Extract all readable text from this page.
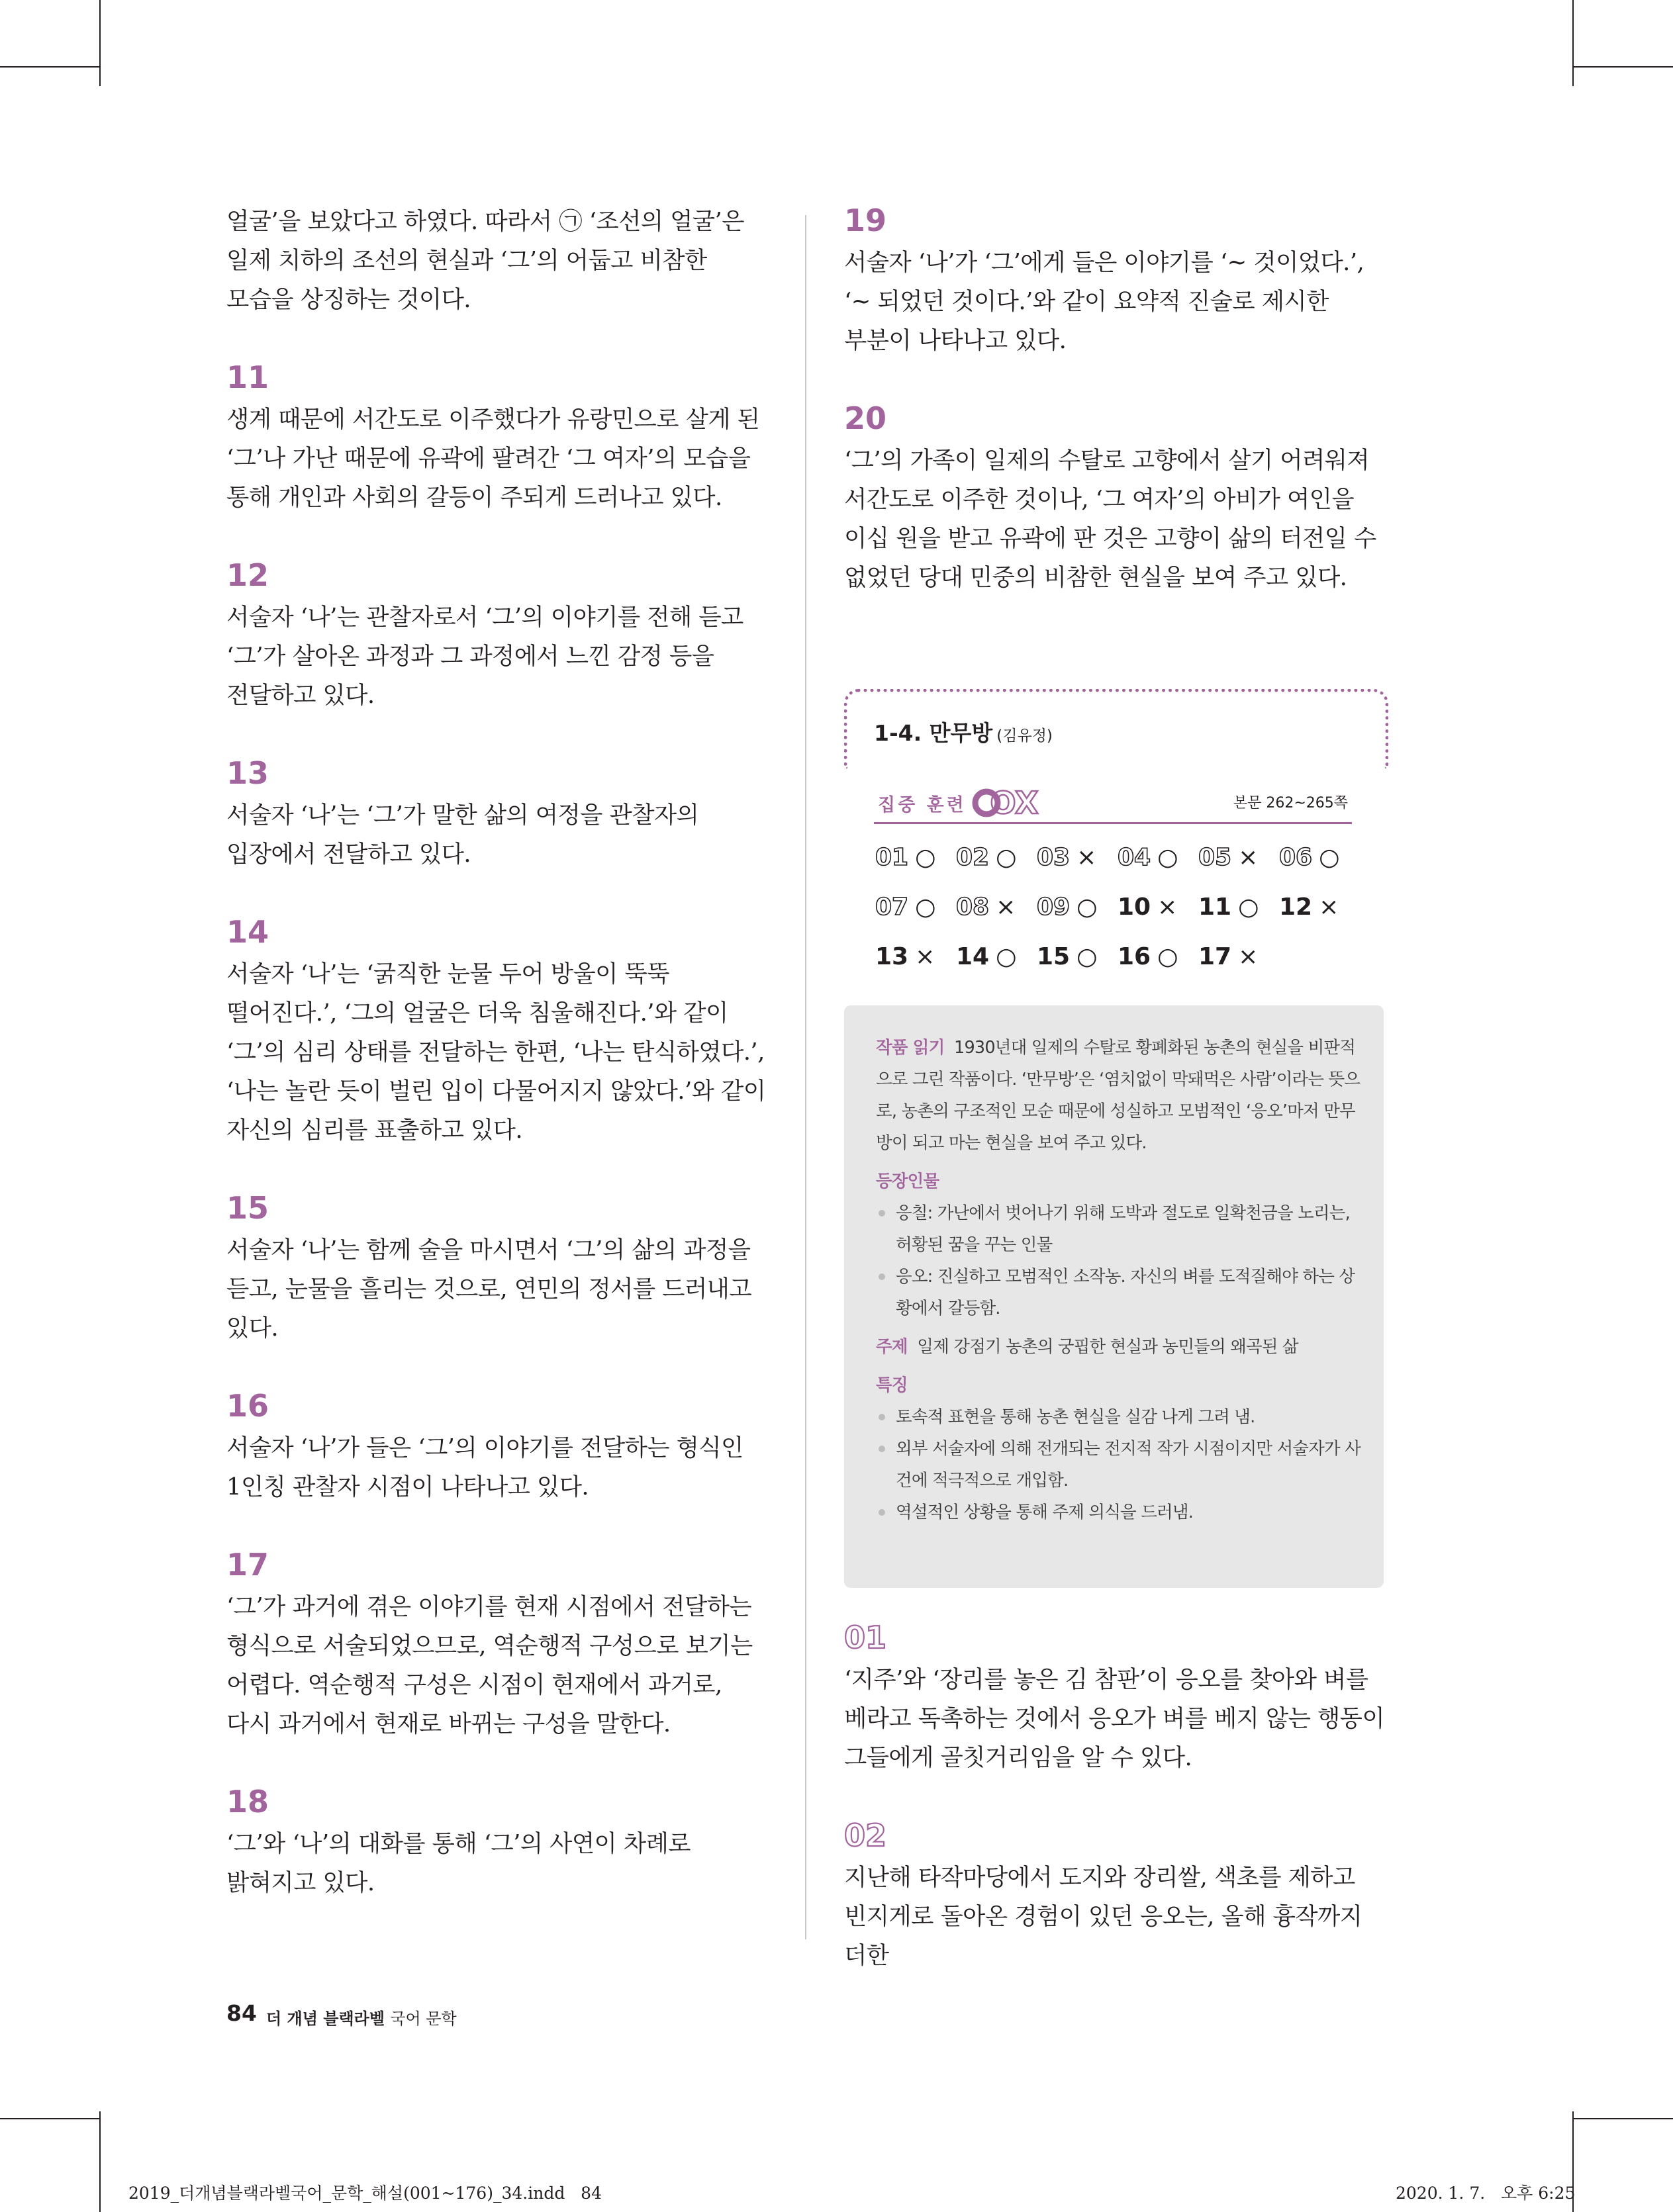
얼굴’을 보았다고 하였다. 따라서 ㉠ ‘조선의 얼굴’은 일제 치하의 조선의 현실과 ‘그’의 어둡고 비참한 모습을 상징하는 것이다.

11

생계 때문에 서간도로 이주했다가 유랑민으로 살게 된 ‘그’나 가난 때문에 유곽에 팔려간 ‘그 여자’의 모습을 통해 개인과 사회의 갈등이 주되게 드러나고 있다.

12

서술자 ‘나’는 관찰자로서 ‘그’의 이야기를 전해 듣고 ‘그’가 살아온 과정과 그 과정에서 느낀 감정 등을 전달하고 있다.

13

서술자 ‘나’는 ‘그’가 말한 삶의 여정을 관찰자의 입장에서 전달하고 있다.

14

서술자 ‘나’는 ‘굵직한 눈물 두어 방울이 뚝뚝 떨어진다.’, ‘그의 얼굴은 더욱 침울해진다.’와 같이 ‘그’의 심리 상태를 전달하는 한편, ‘나는 탄식하였다.’, ‘나는 놀란 듯이 벌린 입이 다물어지지 않았다.’와 같이 자신의 심리를 표출하고 있다.

15

서술자 ‘나’는 함께 술을 마시면서 ‘그’의 삶의 과정을 듣고, 눈물을 흘리는 것으로, 연민의 정서를 드러내고 있다.

16

서술자 ‘나’가 들은 ‘그’의 이야기를 전달하는 형식인 1인칭 관찰자 시점이 나타나고 있다.

17

‘그’가 과거에 겪은 이야기를 현재 시점에서 전달하는 형식으로 서술되었으므로, 역순행적 구성으로 보기는 어렵다. 역순행적 구성은 시점이 현재에서 과거로, 다시 과거에서 현재로 바뀌는 구성을 말한다.

18

‘그’와 ‘나’의 대화를 통해 ‘그’의 사연이 차례로 밝혀지고 있다.

19

서술자 ‘나’가 ‘그’에게 들은 이야기를 ‘~ 것이었다.’, ‘~ 되었던 것이다.’와 같이 요약적 진술로 제시한 부분이 나타나고 있다.

20

‘그’의 가족이 일제의 수탈로 고향에서 살기 어려워져 서간도로 이주한 것이나, ‘그 여자’의 아비가 여인을 이십 원을 받고 유곽에 판 것은 고향이 삶의 터전일 수 없었던 당대 민중의 비참한 현실을 보여 주고 있다.

1-4. 만무방 (김유정)
집중 훈련 OX	본문 262~265쪽
01 ○ 02 ○ 03 × 04 ○ 05 × 06 ○
07 ○ 08 × 09 ○ 10 × 11 ○ 12 ×
13 × 14 ○ 15 ○ 16 ○ 17 ×

작품 읽기 1930년대 일제의 수탈로 황폐화된 농촌의 현실을 비판적으로 그린 작품이다. ‘만무방’은 ‘염치없이 막돼먹은 사람’이라는 뜻으로, 농촌의 구조적인 모순 때문에 성실하고 모범적인 ‘응오’마저 만무방이 되고 마는 현실을 보여 주고 있다.

등장인물

응칠: 가난에서 벗어나기 위해 도박과 절도로 일확천금을 노리는, 허황된 꿈을 꾸는 인물

응오: 진실하고 모범적인 소작농. 자신의 벼를 도적질해야 하는 상황에서 갈등함.

주제 일제 강점기 농촌의 궁핍한 현실과 농민들의 왜곡된 삶

특징

토속적 표현을 통해 농촌 현실을 실감 나게 그려 냄.

외부 서술자에 의해 전개되는 전지적 작가 시점이지만 서술자가 사건에 적극적으로 개입함.

역설적인 상황을 통해 주제 의식을 드러냄.

01

‘지주’와 ‘장리를 놓은 김 참판’이 응오를 찾아와 벼를 베라고 독촉하는 것에서 응오가 벼를 베지 않는 행동이 그들에게 골칫거리임을 알 수 있다.

02

지난해 타작마당에서 도지와 장리쌀, 색초를 제하고 빈지게로 돌아온 경험이 있던 응오는, 올해 흉작까지 더한

84 더 개념 블랙라벨 국어 문학
2019_더개념블랙라벨국어_문학_해설(001~176)_34.indd   84	2020. 1. 7.   오후 6:25
